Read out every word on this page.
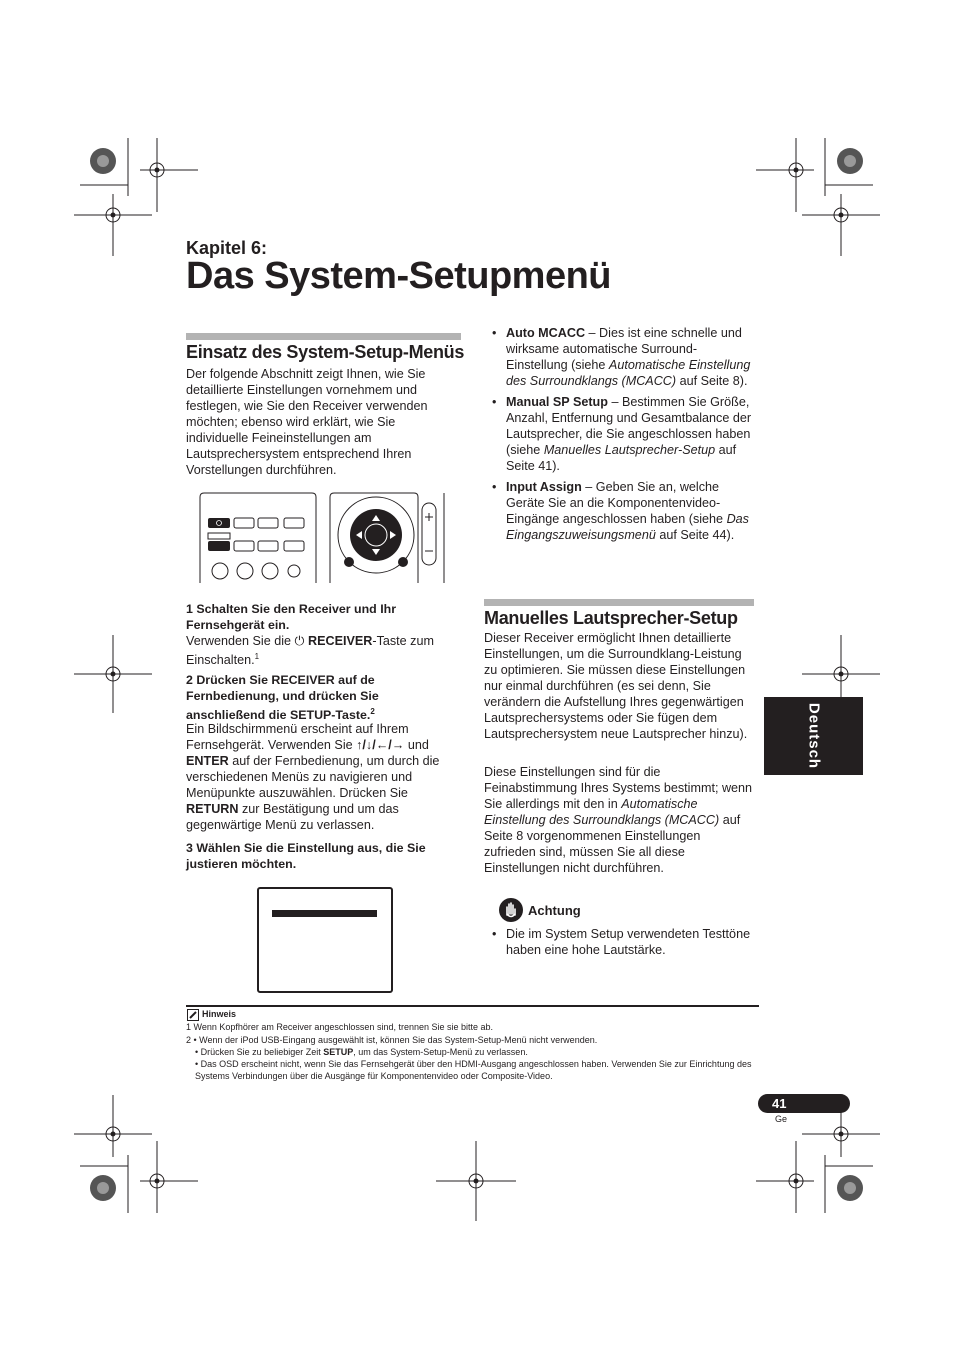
Kapitel 6:
Das System-Setupmenü
Einsatz des System-Setup-Menüs
Der folgende Abschnitt zeigt Ihnen, wie Sie detaillierte Einstellungen vornehmem und festlegen, wie Sie den Receiver verwenden möchten; ebenso wird erklärt, wie Sie individuelle Feineinstellungen am Lautsprechersystem entsprechend Ihren Vorstellungen durchführen.
1 Schalten Sie den Receiver und Ihr Fernsehgerät ein.
Verwenden Sie die ⏻ RECEIVER-Taste zum Einschalten.$^1$
2 Drücken Sie RECEIVER auf de Fernbedienung, und drücken Sie anschließend die SETUP-Taste.$^2$
Ein Bildschirmmenü erscheint auf Ihrem Fernsehgerät. Verwenden Sie ↑/↓/←/→ und ENTER auf der Fernbedienung, um durch die verschiedenen Menüs zu navigieren und Menüpunkte auszuwählen. Drücken Sie RETURN zur Bestätigung und um das gegenwärtige Menü zu verlassen.
3 Wählen Sie die Einstellung aus, die Sie justieren möchten.
• Auto MCACC – Dies ist eine schnelle und wirksame automatische Surround-Einstellung (siehe Automatische Einstellung des Surroundklangs (MCACC) auf Seite 8).
• Manual SP Setup – Bestimmen Sie Größe, Anzahl, Entfernung und Gesamtbalance der Lautsprecher, die Sie angeschlossen haben (siehe Manuelles Lautsprecher-Setup auf Seite 41).
• Input Assign – Geben Sie an, welche Geräte Sie an die Komponentenvideo-Eingänge angeschlossen haben (siehe Das Eingangszuweisungsmenü auf Seite 44).
Manuelles Lautsprecher-Setup
Dieser Receiver ermöglicht Ihnen detaillierte Einstellungen, um die Surroundklang-Leistung zu optimieren. Sie müssen diese Einstellungen nur einmal durchführen (es sei denn, Sie verändern die Aufstellung Ihres gegenwärtigen Lautsprechersystems oder Sie fügen dem Lautsprechersystem neue Lautsprecher hinzu).
Diese Einstellungen sind für die Feinabstimmung Ihres Systems bestimmt; wenn Sie allerdings mit den in Automatische Einstellung des Surroundklangs (MCACC) auf Seite 8 vorgenommenen Einstellungen zufrieden sind, müssen Sie all diese Einstellungen nicht durchführen.
Achtung
• Die im System Setup verwendeten Testtöne haben eine hohe Lautstärke.
Deutsch
Hinweis
1 Wenn Kopfhörer am Receiver angeschlossen sind, trennen Sie sie bitte ab.
2 • Wenn der iPod USB-Eingang ausgewählt ist, können Sie das System-Setup-Menü nicht verwenden.
• Drücken Sie zu beliebiger Zeit SETUP, um das System-Setup-Menü zu verlassen.
• Das OSD erscheint nicht, wenn Sie das Fernsehgerät über den HDMI-Ausgang angeschlossen haben. Verwenden Sie zur Einrichtung des Systems Verbindungen über die Ausgänge für Komponentenvideo oder Composite-Video.
41
Ge
